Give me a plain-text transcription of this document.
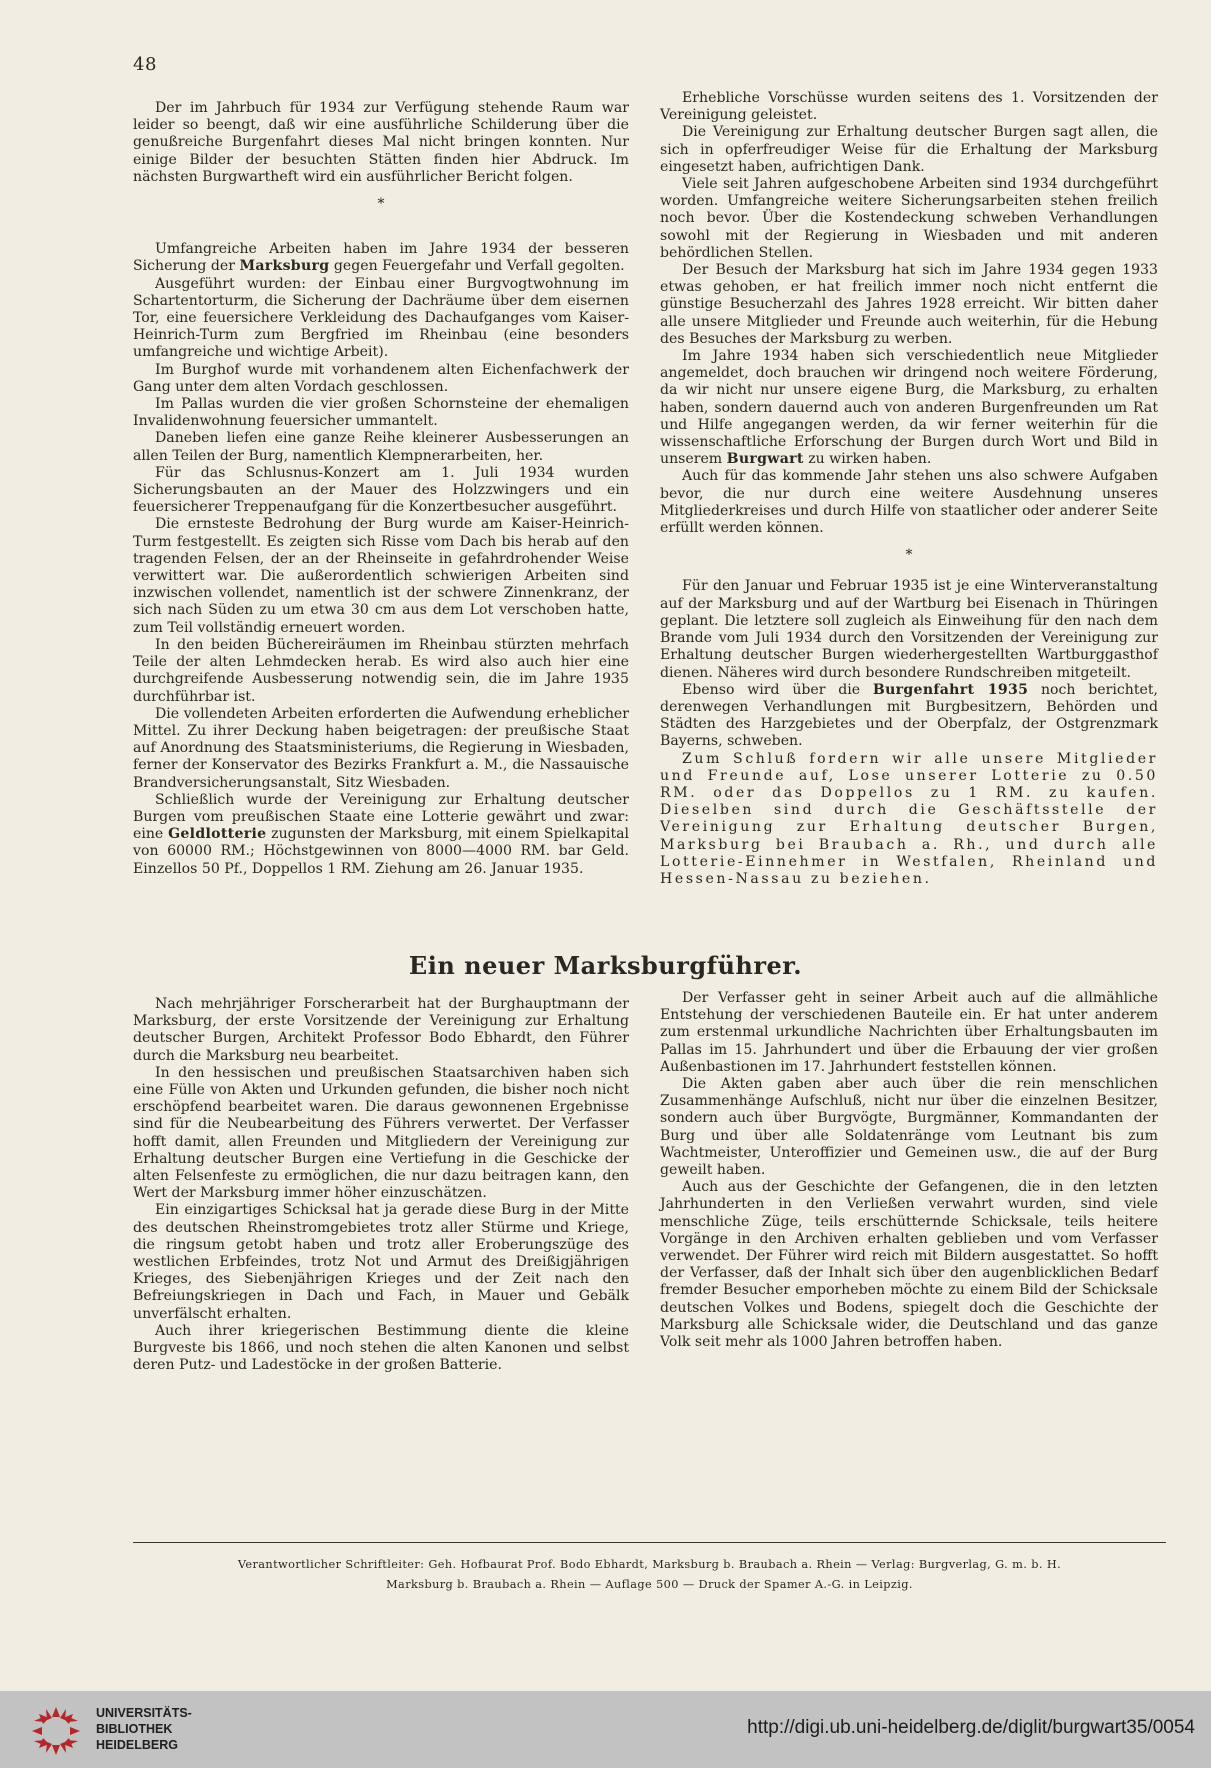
48

Der im Jahrbuch für 1934 zur Verfügung stehende Raum war leider so beengt, daß wir eine ausführliche Schilderung über die genußreiche Burgenfahrt dieses Mal nicht bringen konnten. Nur einige Bilder der besuchten Stätten finden hier Abdruck. Im nächsten Burgwartheft wird ein ausführlicher Bericht folgen.

*

Umfangreiche Arbeiten haben im Jahre 1934 der besseren Sicherung der Marksburg gegen Feuergefahr und Verfall gegolten.

Ausgeführt wurden: der Einbau einer Burgvogtwohnung im Schartentorturm, die Sicherung der Dachräume über dem eisernen Tor, eine feuersichere Verkleidung des Dachaufganges vom Kaiser-Heinrich-Turm zum Bergfried im Rheinbau (eine besonders umfangreiche und wichtige Arbeit).

Im Burghof wurde mit vorhandenem alten Eichenfachwerk der Gang unter dem alten Vordach geschlossen.

Im Pallas wurden die vier großen Schornsteine der ehemaligen Invalidenwohnung feuersicher ummantelt.

Daneben liefen eine ganze Reihe kleinerer Ausbesserungen an allen Teilen der Burg, namentlich Klempnerarbeiten, her.

Für das Schlusnus-Konzert am 1. Juli 1934 wurden Sicherungsbauten an der Mauer des Holzzwingers und ein feuersicherer Treppenaufgang für die Konzertbesucher ausgeführt.

Die ernsteste Bedrohung der Burg wurde am Kaiser-Heinrich-Turm festgestellt. Es zeigten sich Risse vom Dach bis herab auf den tragenden Felsen, der an der Rheinseite in gefahrdrohender Weise verwittert war. Die außerordentlich schwierigen Arbeiten sind inzwischen vollendet, namentlich ist der schwere Zinnenkranz, der sich nach Süden zu um etwa 30 cm aus dem Lot verschoben hatte, zum Teil vollständig erneuert worden.

In den beiden Büchereiräumen im Rheinbau stürzten mehrfach Teile der alten Lehmdecken herab. Es wird also auch hier eine durchgreifende Ausbesserung notwendig sein, die im Jahre 1935 durchführbar ist.

Die vollendeten Arbeiten erforderten die Aufwendung erheblicher Mittel. Zu ihrer Deckung haben beigetragen: der preußische Staat auf Anordnung des Staatsministeriums, die Regierung in Wiesbaden, ferner der Konservator des Bezirks Frankfurt a. M., die Nassauische Brandversicherungsanstalt, Sitz Wiesbaden.

Schließlich wurde der Vereinigung zur Erhaltung deutscher Burgen vom preußischen Staate eine Lotterie gewährt und zwar: eine Geldlotterie zugunsten der Marksburg, mit einem Spielkapital von 60000 RM.; Höchstgewinnen von 8000—4000 RM. bar Geld. Einzellos 50 Pf., Doppellos 1 RM. Ziehung am 26. Januar 1935.

Erhebliche Vorschüsse wurden seitens des 1. Vorsitzenden der Vereinigung geleistet.

Die Vereinigung zur Erhaltung deutscher Burgen sagt allen, die sich in opferfreudiger Weise für die Erhaltung der Marksburg eingesetzt haben, aufrichtigen Dank.

Viele seit Jahren aufgeschobene Arbeiten sind 1934 durchgeführt worden. Umfangreiche weitere Sicherungsarbeiten stehen freilich noch bevor. Über die Kostendeckung schweben Verhandlungen sowohl mit der Regierung in Wiesbaden und mit anderen behördlichen Stellen.

Der Besuch der Marksburg hat sich im Jahre 1934 gegen 1933 etwas gehoben, er hat freilich immer noch nicht entfernt die günstige Besucherzahl des Jahres 1928 erreicht. Wir bitten daher alle unsere Mitglieder und Freunde auch weiterhin, für die Hebung des Besuches der Marksburg zu werben.

Im Jahre 1934 haben sich verschiedentlich neue Mitglieder angemeldet, doch brauchen wir dringend noch weitere Förderung, da wir nicht nur unsere eigene Burg, die Marksburg, zu erhalten haben, sondern dauernd auch von anderen Burgenfreunden um Rat und Hilfe angegangen werden, da wir ferner weiterhin für die wissenschaftliche Erforschung der Burgen durch Wort und Bild in unserem Burgwart zu wirken haben.

Auch für das kommende Jahr stehen uns also schwere Aufgaben bevor, die nur durch eine weitere Ausdehnung unseres Mitgliederkreises und durch Hilfe von staatlicher oder anderer Seite erfüllt werden können.

*

Für den Januar und Februar 1935 ist je eine Winterveranstaltung auf der Marksburg und auf der Wartburg bei Eisenach in Thüringen geplant. Die letztere soll zugleich als Einweihung für den nach dem Brande vom Juli 1934 durch den Vorsitzenden der Vereinigung zur Erhaltung deutscher Burgen wiederhergestellten Wartburggasthof dienen. Näheres wird durch besondere Rundschreiben mitgeteilt.

Ebenso wird über die Burgenfahrt 1935 noch berichtet, derenwegen Verhandlungen mit Burgbesitzern, Behörden und Städten des Harzgebietes und der Oberpfalz, der Ostgrenzmark Bayerns, schweben.

Zum Schluß fordern wir alle unsere Mitglieder und Freunde auf, Lose unserer Lotterie zu 0.50 RM. oder das Doppellos zu 1 RM. zu kaufen. Dieselben sind durch die Geschäftsstelle der Vereinigung zur Erhaltung deutscher Burgen, Marksburg bei Braubach a. Rh., und durch alle Lotterie-Einnehmer in Westfalen, Rheinland und Hessen-Nassau zu beziehen.

Ein neuer Marksburgführer.

Nach mehrjähriger Forscherarbeit hat der Burghauptmann der Marksburg, der erste Vorsitzende der Vereinigung zur Erhaltung deutscher Burgen, Architekt Professor Bodo Ebhardt, den Führer durch die Marksburg neu bearbeitet.

In den hessischen und preußischen Staatsarchiven haben sich eine Fülle von Akten und Urkunden gefunden, die bisher noch nicht erschöpfend bearbeitet waren. Die daraus gewonnenen Ergebnisse sind für die Neubearbeitung des Führers verwertet. Der Verfasser hofft damit, allen Freunden und Mitgliedern der Vereinigung zur Erhaltung deutscher Burgen eine Vertiefung in die Geschicke der alten Felsenfeste zu ermöglichen, die nur dazu beitragen kann, den Wert der Marksburg immer höher einzuschätzen.

Ein einzigartiges Schicksal hat ja gerade diese Burg in der Mitte des deutschen Rheinstromgebietes trotz aller Stürme und Kriege, die ringsum getobt haben und trotz aller Eroberungszüge des westlichen Erbfeindes, trotz Not und Armut des Dreißigjährigen Krieges, des Siebenjährigen Krieges und der Zeit nach den Befreiungskriegen in Dach und Fach, in Mauer und Gebälk unverfälscht erhalten.

Auch ihrer kriegerischen Bestimmung diente die kleine Burgveste bis 1866, und noch stehen die alten Kanonen und selbst deren Putz- und Ladestöcke in der großen Batterie.

Der Verfasser geht in seiner Arbeit auch auf die allmähliche Entstehung der verschiedenen Bauteile ein. Er hat unter anderem zum erstenmal urkundliche Nachrichten über Erhaltungsbauten im Pallas im 15. Jahrhundert und über die Erbauung der vier großen Außenbastionen im 17. Jahrhundert feststellen können.

Die Akten gaben aber auch über die rein menschlichen Zusammenhänge Aufschluß, nicht nur über die einzelnen Besitzer, sondern auch über Burgvögte, Burgmänner, Kommandanten der Burg und über alle Soldatenränge vom Leutnant bis zum Wachtmeister, Unteroffizier und Gemeinen usw., die auf der Burg geweilt haben.

Auch aus der Geschichte der Gefangenen, die in den letzten Jahrhunderten in den Verließen verwahrt wurden, sind viele menschliche Züge, teils erschütternde Schicksale, teils heitere Vorgänge in den Archiven erhalten geblieben und vom Verfasser verwendet. Der Führer wird reich mit Bildern ausgestattet. So hofft der Verfasser, daß der Inhalt sich über den augenblicklichen Bedarf fremder Besucher emporheben möchte zu einem Bild der Schicksale deutschen Volkes und Bodens, spiegelt doch die Geschichte der Marksburg alle Schicksale wider, die Deutschland und das ganze Volk seit mehr als 1000 Jahren betroffen haben.

Verantwortlicher Schriftleiter: Geh. Hofbaurat Prof. Bodo Ebhardt, Marksburg b. Braubach a. Rhein — Verlag: Burgverlag, G. m. b. H.
Marksburg b. Braubach a. Rhein — Auflage 500 — Druck der Spamer A.-G. in Leipzig.
UNIVERSITÄTS-
BIBLIOTHEK
HEIDELBERG
http://digi.ub.uni-heidelberg.de/diglit/burgwart35/0054
